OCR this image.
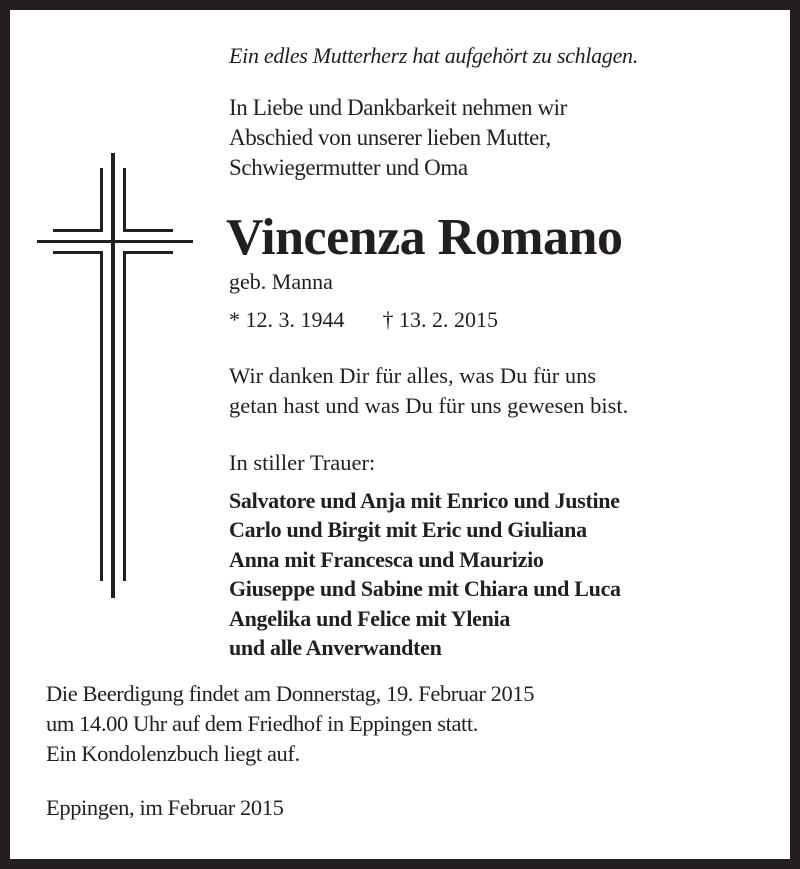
Ein edles Mutterherz hat aufgehört zu schlagen.

In Liebe und Dankbarkeit nehmen wir
Abschied von unserer lieben Mutter,
Schwiegermutter und Oma

Vincenza Romano

geb. Manna

* 12. 3. 1944 † 13. 2. 2015

Wir danken Dir für alles, was Du für uns
getan hast und was Du für uns gewesen bist.

In stiller Trauer:

Salvatore und Anja mit Enrico und Justine
Carlo und Birgit mit Eric und Giuliana
Anna mit Francesca und Maurizio
Giuseppe und Sabine mit Chiara und Luca
Angelika und Felice mit Ylenia
und alle Anverwandten

Die Beerdigung findet am Donnerstag, 19. Februar 2015
um 14.00 Uhr auf dem Friedhof in Eppingen statt.
Ein Kondolenzbuch liegt auf.

Eppingen, im Februar 2015
